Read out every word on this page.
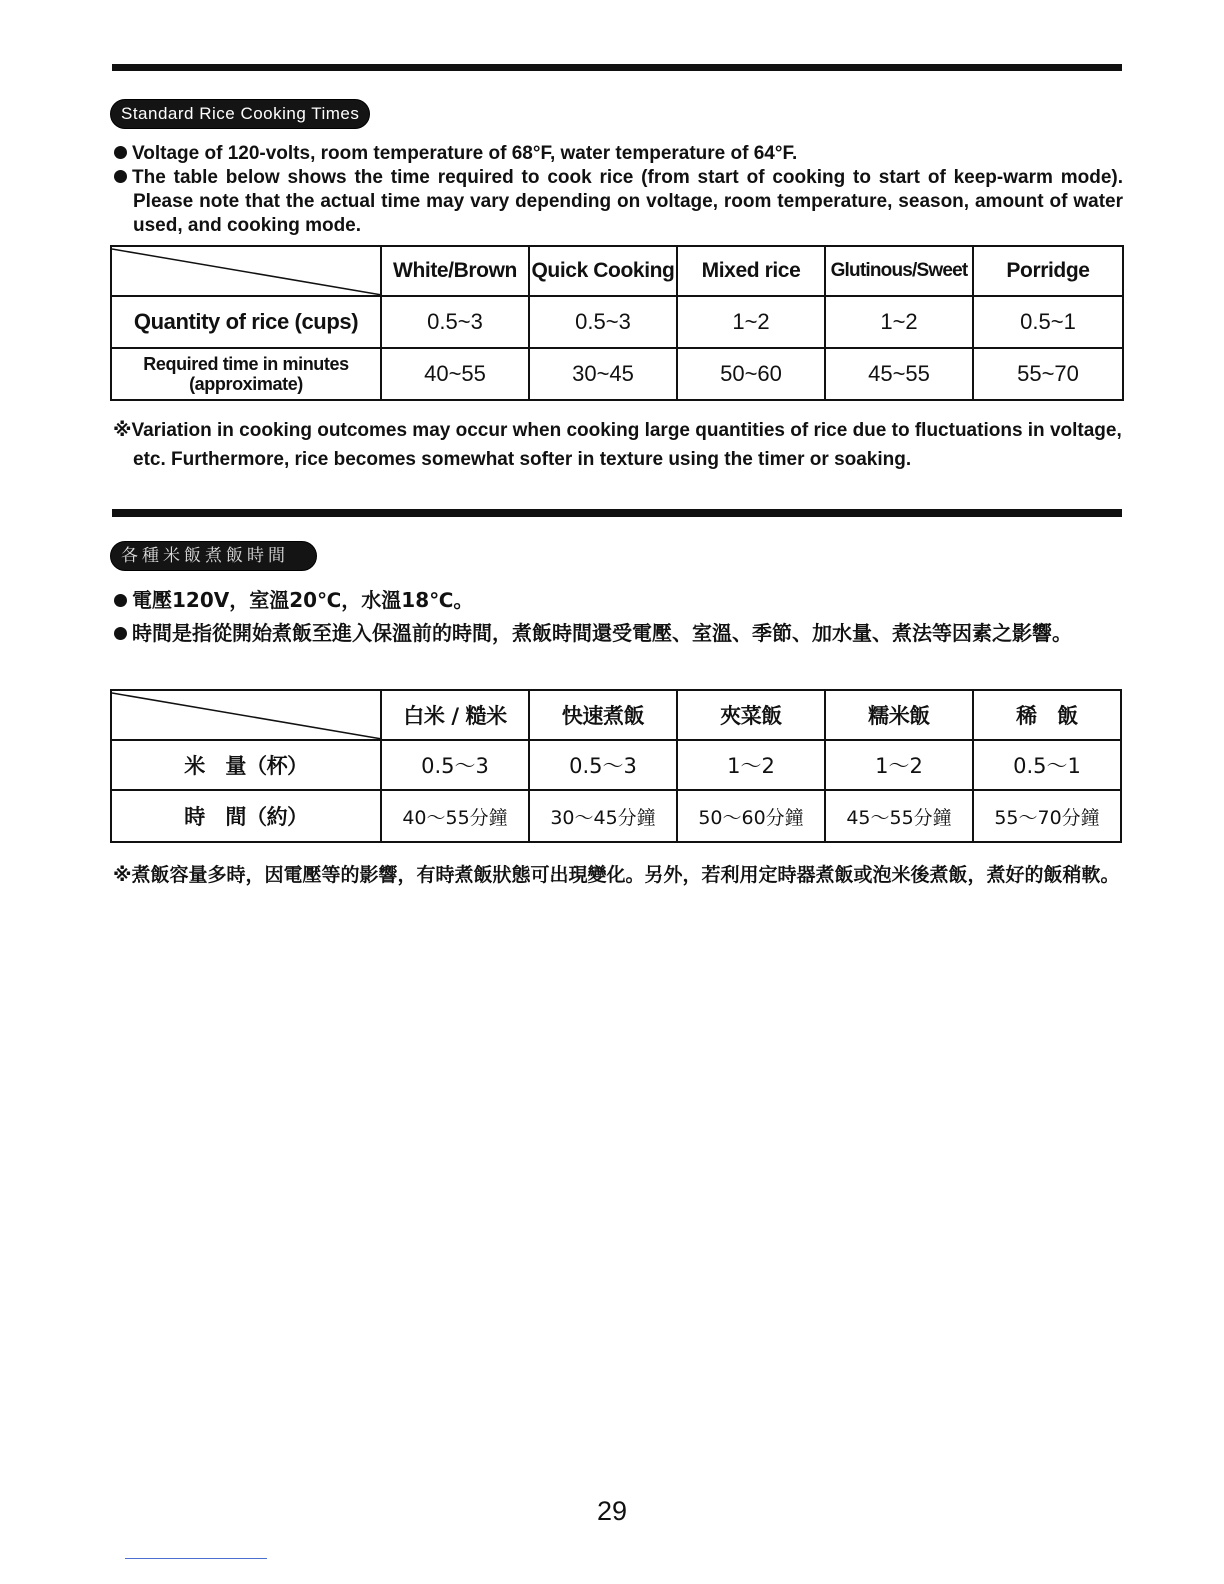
Standard Rice Cooking Times
Voltage of 120-volts, room temperature of 68°F, water temperature of 64°F.
The table below shows the time required to cook rice (from start of cooking to start of keep-warm mode). Please note that the actual time may vary depending on voltage, room temperature, season, amount of water used, and cooking mode.
	White/Brown	Quick Cooking	Mixed rice	Glutinous/Sweet	Porridge
Quantity of rice (cups)	0.5~3	0.5~3	1~2	1~2	0.5~1
Required time in minutes (approximate)	40~55	30~45	50~60	45~55	55~70
※Variation in cooking outcomes may occur when cooking large quantities of rice due to fluctuations in voltage, etc. Furthermore, rice becomes somewhat softer in texture using the timer or soaking.
各種米飯煮飯時間
電壓120V，室溫20℃，水溫18℃。
時間是指從開始煮飯至進入保溫前的時間，煮飯時間還受電壓、室溫、季節、加水量、煮法等因素之影響。
	白米 / 糙米	快速煮飯	夾菜飯	糯米飯	稀　飯
米　量（杯）	0.5～3	0.5～3	1～2	1～2	0.5～1
時　間（約）	40～55分鐘	30～45分鐘	50～60分鐘	45～55分鐘	55～70分鐘
※煮飯容量多時，因電壓等的影響，有時煮飯狀態可出現變化。另外，若利用定時器煮飯或泡米後煮飯，煮好的飯稍軟。
29
